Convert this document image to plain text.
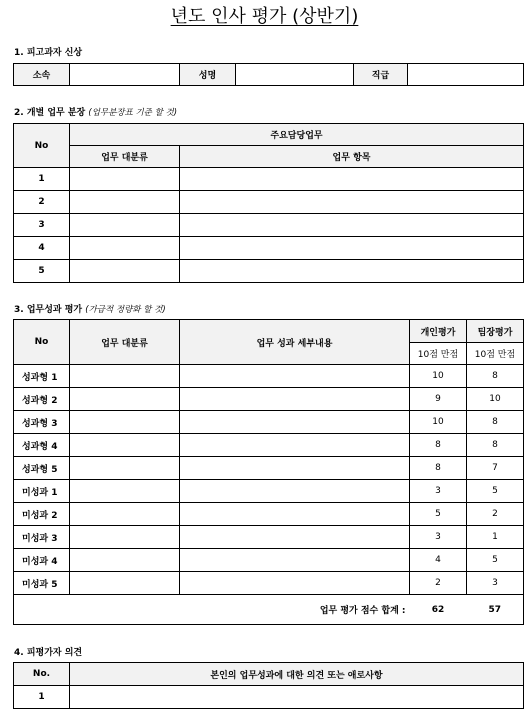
년도 인사 평가 (상반기)
1. 피고과자 신상
소속		성명		직급	
2. 개별 업무 분장 (업무분장표 기준 할 것)
No	주요담당업무	
	업무 대분류	업무 항목
1		
2		
3		
4		
5		
3. 업무성과 평가 (가급적 정량화 할 것)
No	업무 대분류	업무 성과 세부내용	개인평가	팀장평가
			10점 만점	10점 만점
성과형 1			10	8
성과형 2			9	10
성과형 3			10	8
성과형 4			8	8
성과형 5			8	7
미성과 1			3	5
미성과 2			5	2
미성과 3			3	1
미성과 4			4	5
미성과 5			2	3
업무 평가 점수 합계 :			62	57
4. 피평가자 의견
No.	본인의 업무성과에 대한 의견 또는 애로사항
1	
